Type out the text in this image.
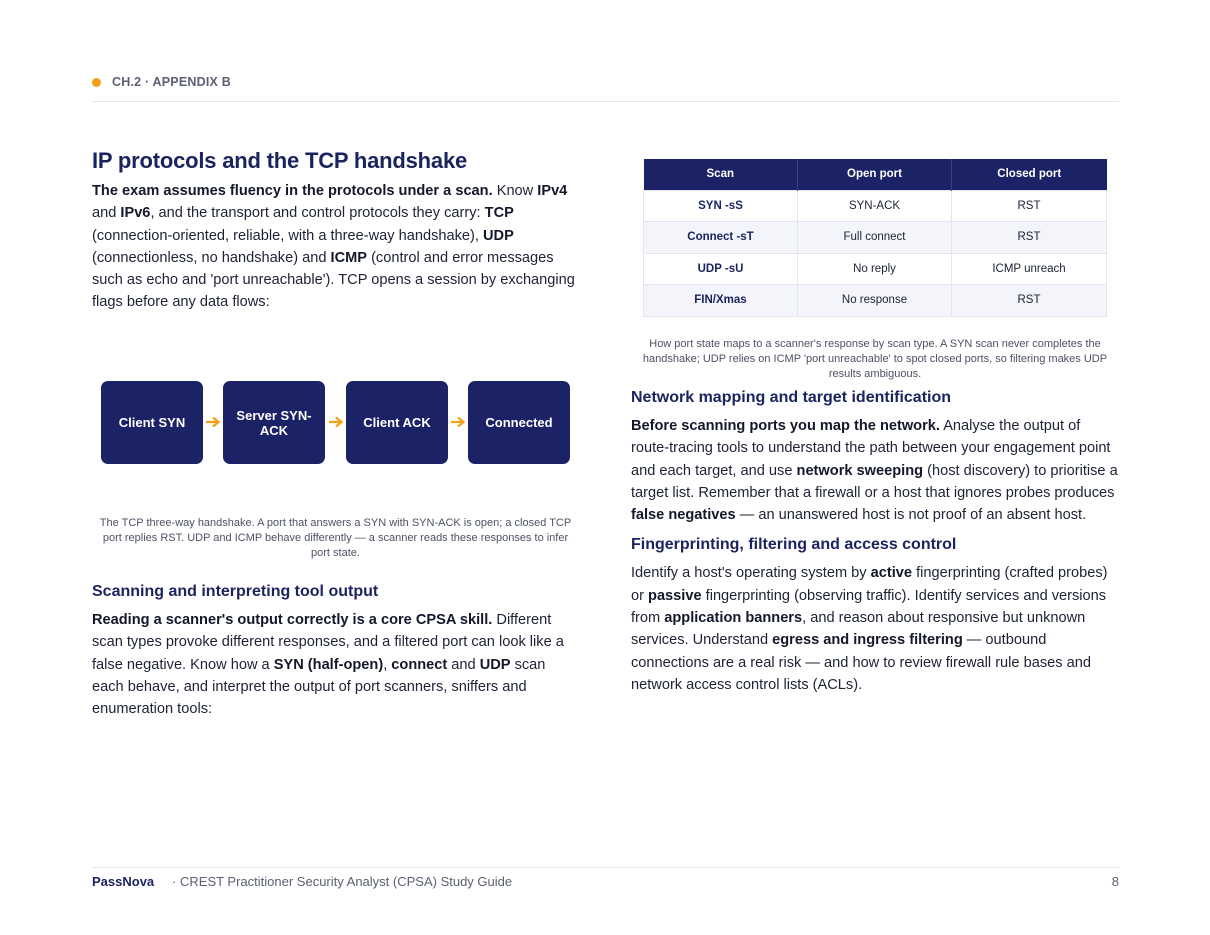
CH.2 · APPENDIX B
IP protocols and the TCP handshake

The exam assumes fluency in the protocols under a scan. Know IPv4 and IPv6, and the transport and control protocols they carry: TCP (connection-oriented, reliable, with a three-way handshake), UDP (connectionless, no handshake) and ICMP (control and error messages such as echo and 'port unreachable'). TCP opens a session by exchanging flags before any data flows:

Client SYN	Server SYN-ACK	Client ACK	Connected
The TCP three-way handshake. A port that answers a SYN with SYN-ACK is open; a closed TCP port replies RST. UDP and ICMP behave differently — a scanner reads these responses to infer port state.
Scanning and interpreting tool output

Reading a scanner's output correctly is a core CPSA skill. Different scan types provoke different responses, and a filtered port can look like a false negative. Know how a SYN (half-open), connect and UDP scan each behave, and interpret the output of port scanners, sniffers and enumeration tools:

Scan	Open port	Closed port
SYN -sS	SYN-ACK	RST
Connect -sT	Full connect	RST
UDP -sU	No reply	ICMP unreach
FIN/Xmas	No response	RST
How port state maps to a scanner's response by scan type. A SYN scan never completes the handshake; UDP relies on ICMP 'port unreachable' to spot closed ports, so filtering makes UDP results ambiguous.
Network mapping and target identification

Before scanning ports you map the network. Analyse the output of route-tracing tools to understand the path between your engagement point and each target, and use network sweeping (host discovery) to prioritise a target list. Remember that a firewall or a host that ignores probes produces false negatives — an unanswered host is not proof of an absent host.

Fingerprinting, filtering and access control

Identify a host's operating system by active fingerprinting (crafted probes) or passive fingerprinting (observing traffic). Identify services and versions from application banners, and reason about responsive but unknown services. Understand egress and ingress filtering — outbound connections are a real risk — and how to review firewall rule bases and network access control lists (ACLs).

PassNova · CREST Practitioner Security Analyst (CPSA) Study Guide	8
